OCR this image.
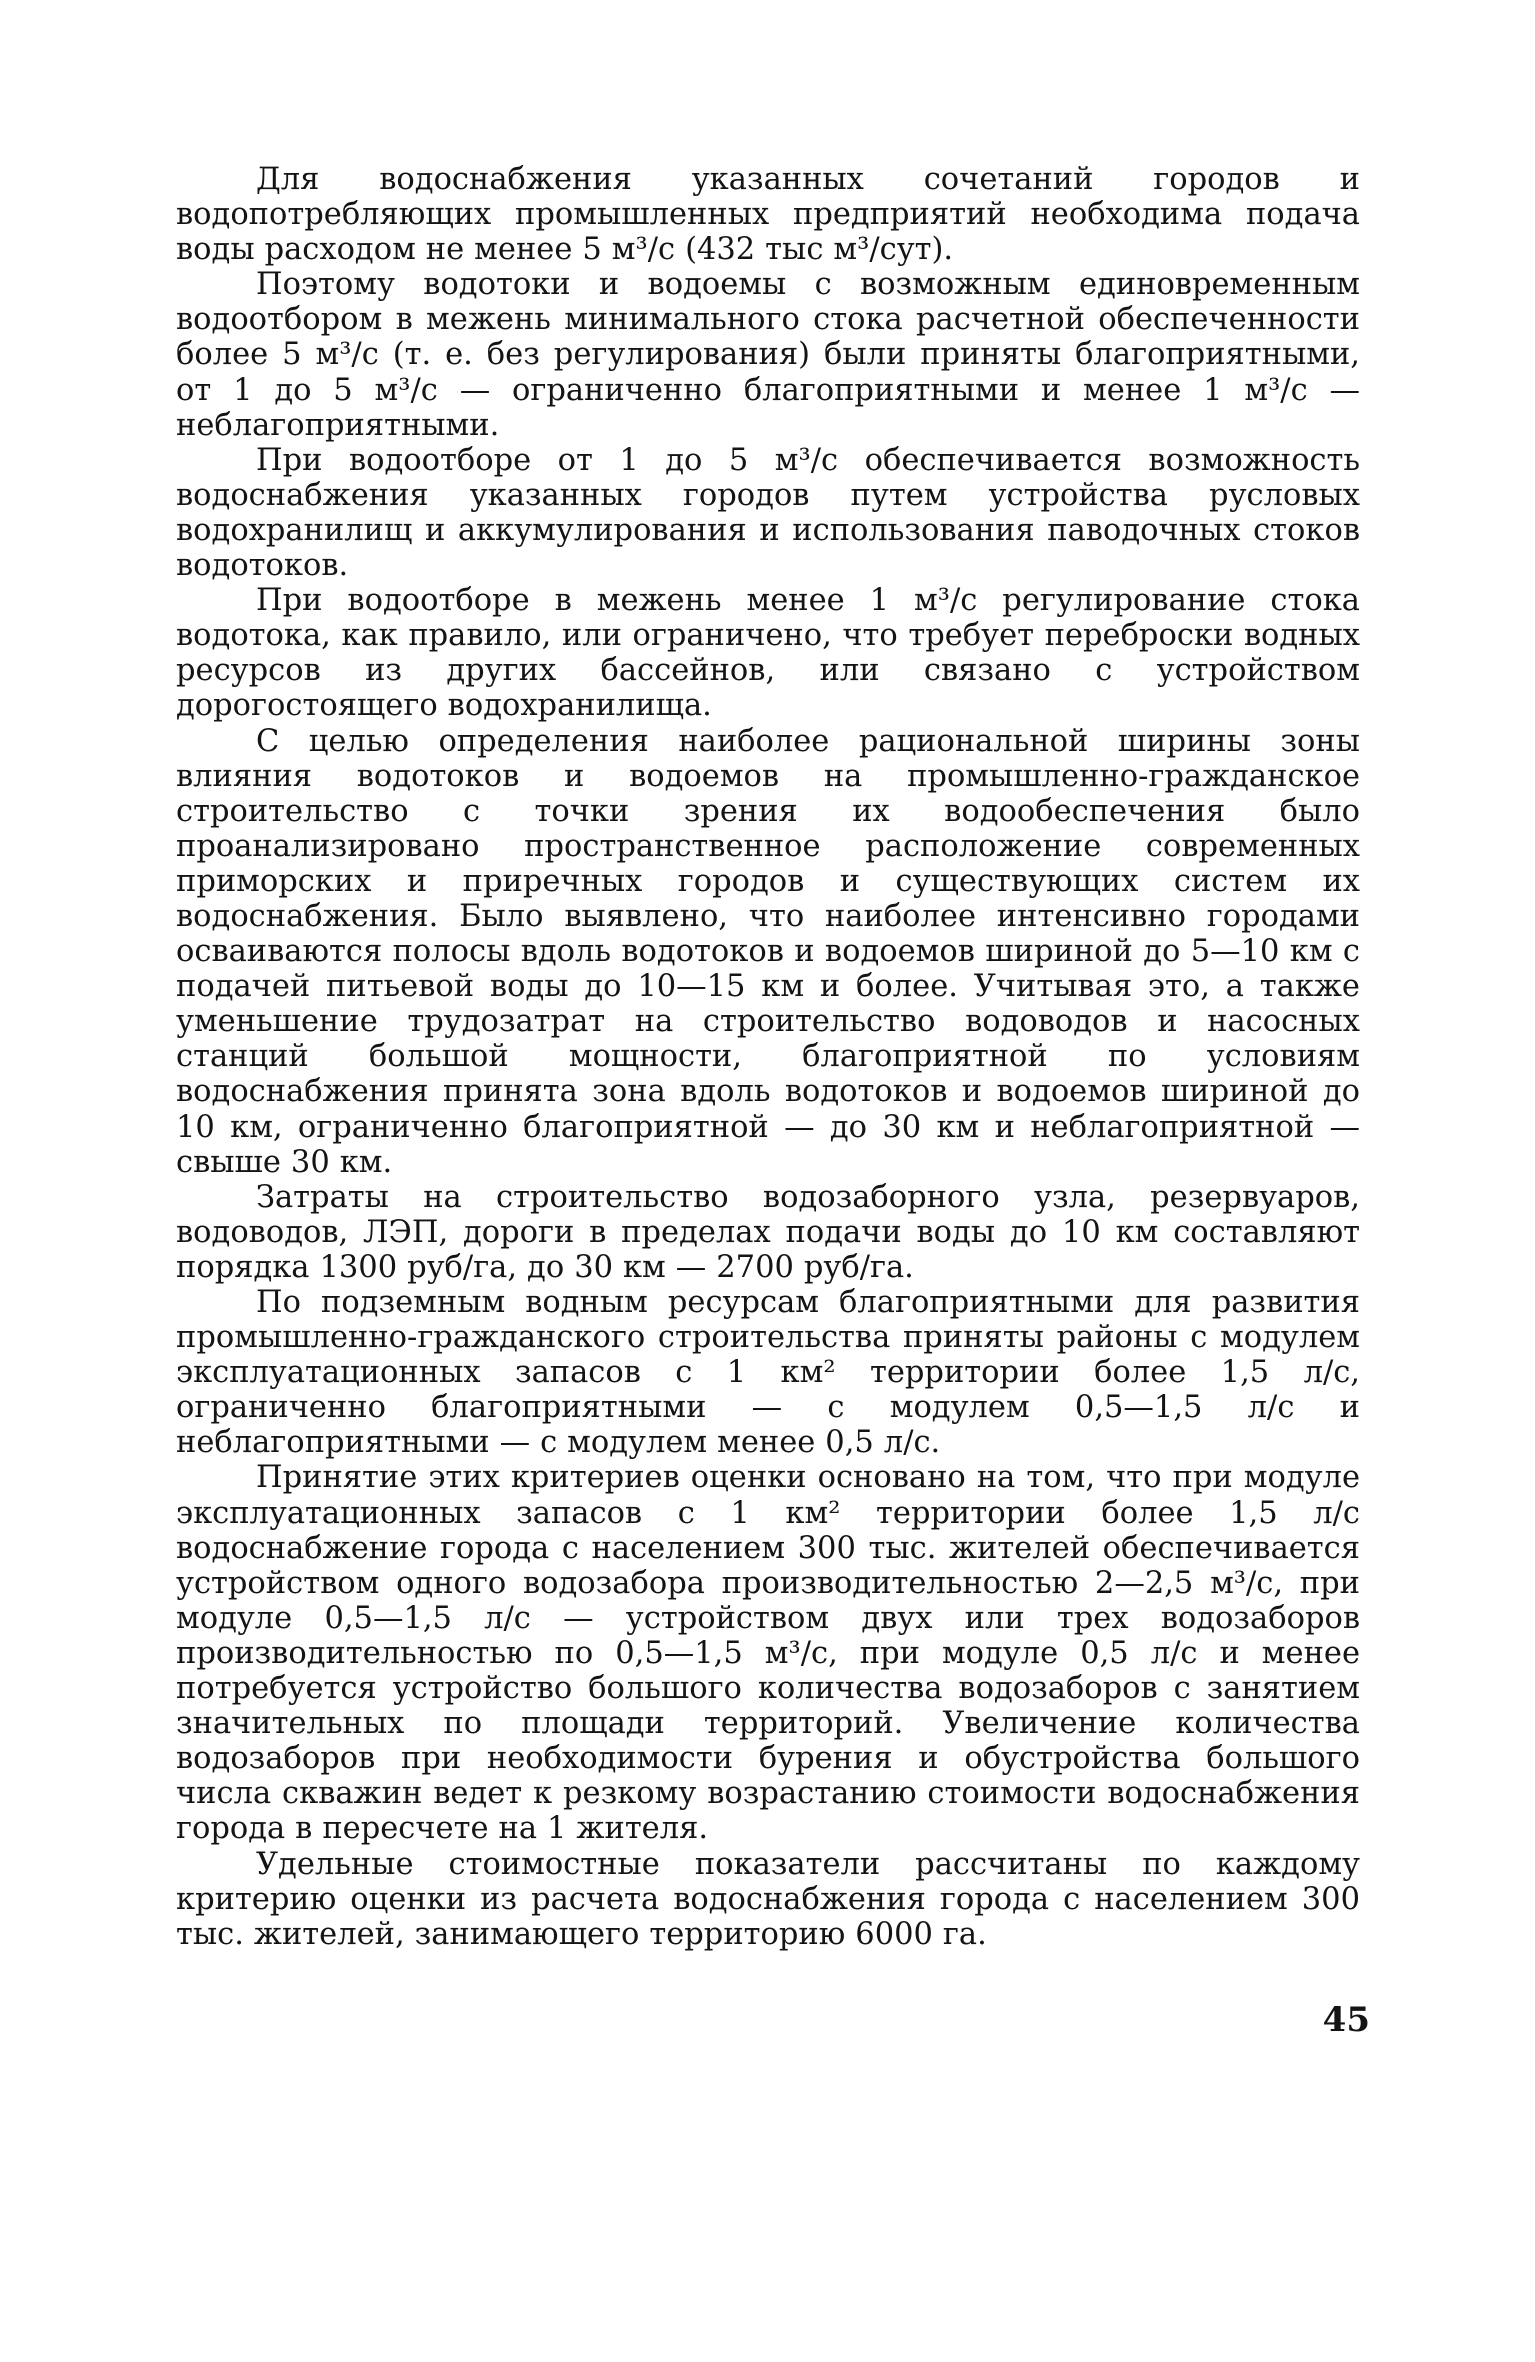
Для водоснабжения указанных сочетаний городов и водопотребляющих промышленных предприятий необходима подача воды расходом не менее 5 м³/с (432 тыс м³/сут).

Поэтому водотоки и водоемы с возможным единовременным водоотбором в межень минимального стока расчетной обеспеченности более 5 м³/с (т. е. без регулирования) были приняты благоприятными, от 1 до 5 м³/с — ограниченно благоприятными и менее 1 м³/с — неблагоприятными.

При водоотборе от 1 до 5 м³/с обеспечивается возможность водоснабжения указанных городов путем устройства русловых водохранилищ и аккумулирования и использования паводочных стоков водотоков.

При водоотборе в межень менее 1 м³/с регулирование стока водотока, как правило, или ограничено, что требует переброски водных ресурсов из других бассейнов, или связано с устройством дорогостоящего водохранилища.

С целью определения наиболее рациональной ширины зоны влияния водотоков и водоемов на промышленно-гражданское строительство с точки зрения их водообеспечения было проанализировано пространственное расположение современных приморских и приречных городов и существующих систем их водоснабжения. Было выявлено, что наиболее интенсивно городами осваиваются полосы вдоль водотоков и водоемов шириной до 5—10 км с подачей питьевой воды до 10—15 км и более. Учитывая это, а также уменьшение трудозатрат на строительство водоводов и насосных станций большой мощности, благоприятной по условиям водоснабжения принята зона вдоль водотоков и водоемов шириной до 10 км, ограниченно благоприятной — до 30 км и неблагоприятной — свыше 30 км.

Затраты на строительство водозаборного узла, резервуаров, водоводов, ЛЭП, дороги в пределах подачи воды до 10 км составляют порядка 1300 руб/га, до 30 км — 2700 руб/га.

По подземным водным ресурсам благоприятными для развития промышленно-гражданского строительства приняты районы с модулем эксплуатационных запасов с 1 км² территории более 1,5 л/с, ограниченно благоприятными — с модулем 0,5—1,5 л/с и неблагоприятными — с модулем менее 0,5 л/с.

Принятие этих критериев оценки основано на том, что при модуле эксплуатационных запасов с 1 км² территории более 1,5 л/с водоснабжение города с населением 300 тыс. жителей обеспечивается устройством одного водозабора производительностью 2—2,5 м³/с, при модуле 0,5—1,5 л/с — устройством двух или трех водозаборов производительностью по 0,5—1,5 м³/с, при модуле 0,5 л/с и менее потребуется устройство большого количества водозаборов с занятием значительных по площади территорий. Увеличение количества водозаборов при необходимости бурения и обустройства большого числа скважин ведет к резкому возрастанию стоимости водоснабжения города в пересчете на 1 жителя.

Удельные стоимостные показатели рассчитаны по каждому критерию оценки из расчета водоснабжения города с населением 300 тыс. жителей, занимающего территорию 6000 га.

45
